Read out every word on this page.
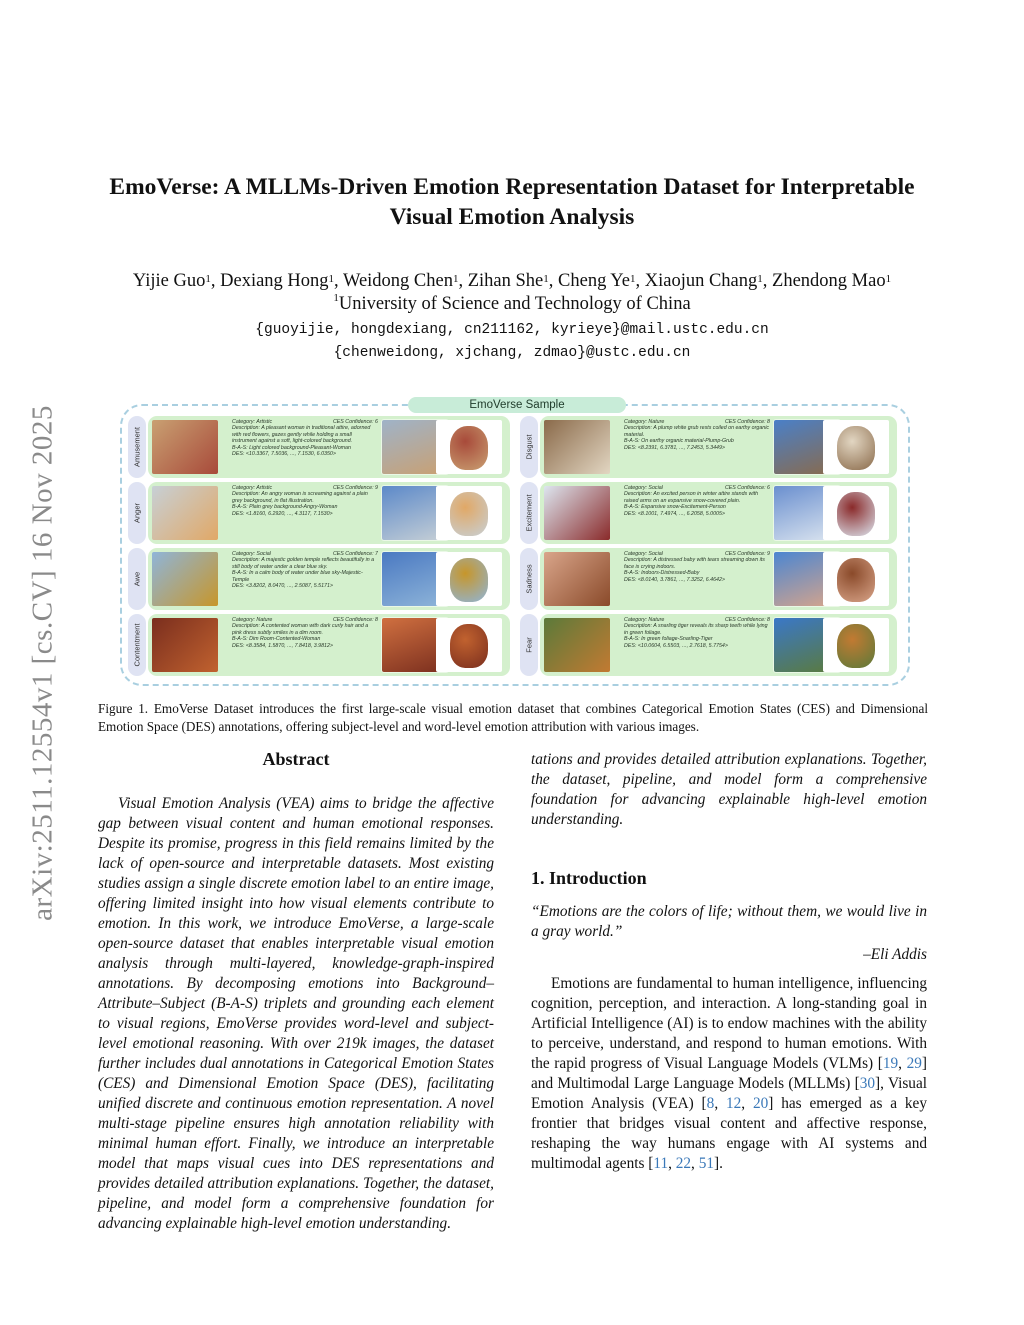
arXiv:2511.12554v1 [cs.CV] 16 Nov 2025
EmoVerse: A MLLMs-Driven Emotion Representation Dataset for Interpretable
Visual Emotion Analysis
Yijie Guo$^1$, Dexiang Hong$^1$, Weidong Chen$^1$, Zihan She$^1$, Cheng Ye$^1$, Xiaojun Chang$^1$, Zhendong Mao$^1$
$^1$University of Science and Technology of China
{guoyijie, hongdexiang, cn211162, kyrieye}@mail.ustc.edu.cn
{chenweidong, xjchang, zdmao}@ustc.edu.cn
EmoVerse Sample
Amusement
Category: Artistic	CES Confidence: 6
Description: A pleasant woman in traditional attire, adorned with red flowers, gazes gently while holding a small instrument against a soft, light-colored background.
B-A-S: Light colored background-Pleasant-Woman
DES: <10.3367, 7.5036, ..., 7.1530, 6.0350>
Anger
Category: Artistic	CES Confidence: 9
Description: An angry woman is screaming against a plain grey background, in flat illustration.
B-A-S: Plain grey background-Angry-Woman
DES: <1.8160, 6.2920, ..., 4.3117, 7.1530>
Awe
Category: Social	CES Confidence: 7
Description: A majestic golden temple reflects beautifully in a still body of water under a clear blue sky.
B-A-S: In a calm body of water under blue sky-Majestic-Temple
DES: <3.8202, 8.0470, ..., 2.5087, 5.5171>
Contentment
Category: Nature	CES Confidence: 8
Description: A contented woman with dark curly hair and a pink dress subtly smiles in a dim room.
B-A-S: Dim Room-Contented-Woman
DES: <8.3584, 1.5870, ..., 7.8418, 3.9812>
Disgust
Category: Nature	CES Confidence: 8
Description: A plump white grub rests coiled on earthy organic material.
B-A-S: On earthy organic material-Plump-Grub
DES: <8.2391, 6.3781, ..., 7.2453, 5.3449>
Excitement
Category: Social	CES Confidence: 6
Description: An excited person in winter attire stands with raised arms on an expansive snow-covered plain.
B-A-S: Expansive snow-Excitement-Person
DES: <8.1001, 7.4974, ..., 6.2058, 5.0005>
Sadness
Category: Social	CES Confidence: 9
Description: A distressed baby with tears streaming down its face is crying indoors.
B-A-S: Indoors-Distressed-Baby
DES: <8.0140, 3.7861, ..., 7.3252, 6.4642>
Fear
Category: Nature	CES Confidence: 8
Description: A snarling tiger reveals its sharp teeth while lying in green foliage.
B-A-S: In green foliage-Snarling-Tiger
DES: <10.0604, 6.5503, ..., 2.7618, 5.7754>
Figure 1. EmoVerse Dataset introduces the first large-scale visual emotion dataset that combines Categorical Emotion States (CES) and Dimensional Emotion Space (DES) annotations, offering subject-level and word-level emotion attribution with various images.
Abstract

Visual Emotion Analysis (VEA) aims to bridge the affective gap between visual content and human emotional responses. Despite its promise, progress in this field remains limited by the lack of open-source and interpretable datasets. Most existing studies assign a single discrete emotion label to an entire image, offering limited insight into how visual elements contribute to emotion. In this work, we introduce EmoVerse, a large-scale open-source dataset that enables interpretable visual emotion analysis through multi-layered, knowledge-graph-inspired annotations. By decomposing emotions into Background–Attribute–Subject (B-A-S) triplets and grounding each element to visual regions, EmoVerse provides word-level and subject-level emotional reasoning. With over 219k images, the dataset further includes dual annotations in Categorical Emotion States (CES) and Dimensional Emotion Space (DES), facilitating unified discrete and continuous emotion representation. A novel multi-stage pipeline ensures high annotation reliability with minimal human effort. Finally, we introduce an interpretable model that maps visual cues into DES representations and provides detailed attribution explanations. Together, the dataset, pipeline, and model form a comprehensive foundation for advancing explainable high-level emotion understanding.

tations and provides detailed attribution explanations. Together, the dataset, pipeline, and model form a comprehensive foundation for advancing explainable high-level emotion understanding.

1. Introduction

“Emotions are the colors of life; without them, we would live in a gray world.”

–Eli Addis

Emotions are fundamental to human intelligence, influencing cognition, perception, and interaction. A long-standing goal in Artificial Intelligence (AI) is to endow machines with the ability to perceive, understand, and respond to human emotions. With the rapid progress of Visual Language Models (VLMs) [19, 29] and Multimodal Large Language Models (MLLMs) [30], Visual Emotion Analysis (VEA) [8, 12, 20] has emerged as a key frontier that bridges visual content and affective response, reshaping the way humans engage with AI systems and multimodal agents [11, 22, 51].
